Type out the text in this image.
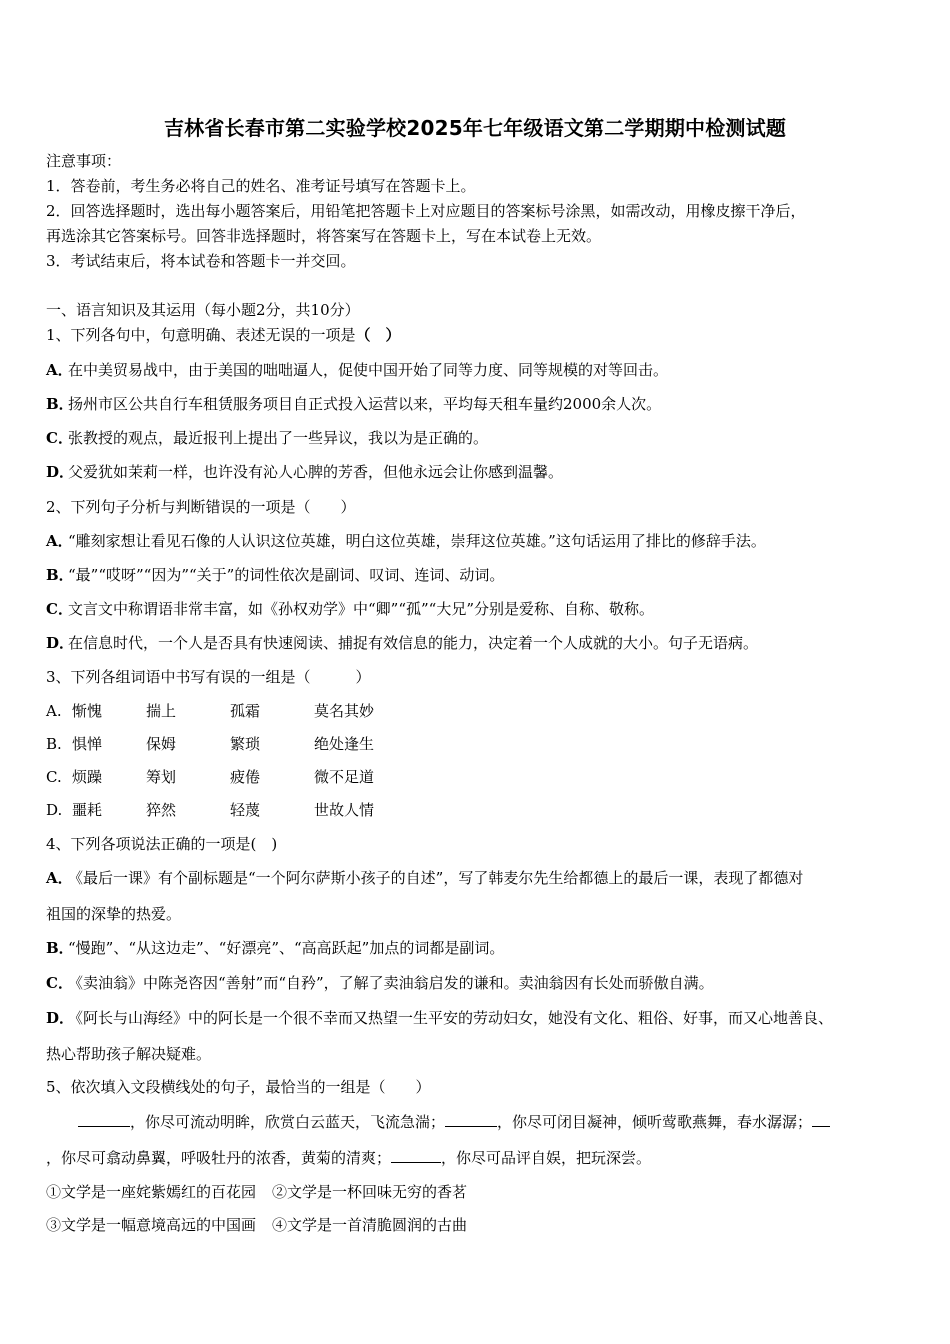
吉林省长春市第二实验学校2025年七年级语文第二学期期中检测试题
注意事项：
1．答卷前，考生务必将自己的姓名、准考证号填写在答题卡上。
2．回答选择题时，选出每小题答案后，用铅笔把答题卡上对应题目的答案标号涂黑，如需改动，用橡皮擦干净后，
再选涂其它答案标号。回答非选择题时，将答案写在答题卡上，写在本试卷上无效。
3．考试结束后，将本试卷和答题卡一并交回。
一、语言知识及其运用（每小题2分，共10分）
1、下列各句中，句意明确、表述无误的一项是（　）
A．在中美贸易战中，由于美国的咄咄逼人，促使中国开始了同等力度、同等规模的对等回击。
B．扬州市区公共自行车租赁服务项目自正式投入运营以来，平均每天租车量约2000余人次。
C．张教授的观点，最近报刊上提出了一些异议，我以为是正确的。
D．父爱犹如茉莉一样，也许没有沁人心脾的芳香，但他永远会让你感到温馨。
2、下列句子分析与判断错误的一项是（　　）
A．“雕刻家想让看见石像的人认识这位英雄，明白这位英雄，崇拜这位英雄。”这句话运用了排比的修辞手法。
B．“最”“哎呀”“因为”“关于”的词性依次是副词、叹词、连词、动词。
C．文言文中称谓语非常丰富，如《孙权劝学》中“卿”“孤”“大兄”分别是爱称、自称、敬称。
D．在信息时代，一个人是否具有快速阅读、捕捉有效信息的能力，决定着一个人成就的大小。句子无语病。
3、下列各组词语中书写有误的一组是（　　　）
A. 惭愧	揣上	孤霜	莫名其妙
B. 惧惮	保姆	繁琐	绝处逢生
C. 烦躁	筹划	疲倦	微不足道
D. 噩耗	猝然	轻蔑	世故人情
4、下列各项说法正确的一项是(　)
A．《最后一课》有个副标题是“一个阿尔萨斯小孩子的自述”，写了韩麦尔先生给都德上的最后一课，表现了都德对
祖国的深挚的热爱。
B．“慢跑”、“从这边走”、“好漂亮”、“高高跃起”加点的词都是副词。
C．《卖油翁》中陈尧咨因“善射”而“自矜”，了解了卖油翁启发的谦和。卖油翁因有长处而骄傲自满。
D．《阿长与山海经》中的阿长是一个很不幸而又热望一生平安的劳动妇女，她没有文化、粗俗、好事，而又心地善良、
热心帮助孩子解决疑难。
5、依次填入文段横线处的句子，最恰当的一组是（　　）
，你尽可流动明眸，欣赏白云蓝天，飞流急湍；	，你尽可闭目凝神，倾听莺歌燕舞，春水潺潺；
，你尽可翕动鼻翼，呼吸牡丹的浓香，黄菊的清爽；	，你尽可品评自娱，把玩深尝。
①文学是一座姹紫嫣红的百花园 ②文学是一杯回味无穷的香茗
③文学是一幅意境高远的中国画 ④文学是一首清脆圆润的古曲
